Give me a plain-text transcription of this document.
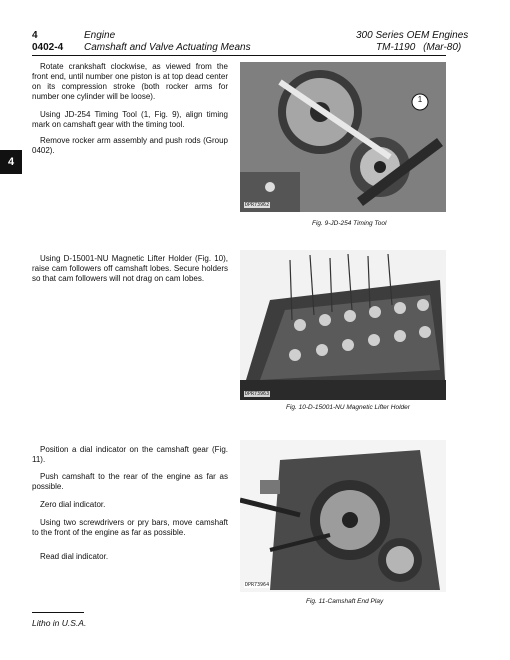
4	Engine	300 Series OEM Engines
0402-4 Camshaft and Valve Actuating Means	TM-1190 (Mar-80)
4

Rotate crankshaft clockwise, as viewed from the front end, until number one piston is at top dead center on its compression stroke (both rocker arms for number one cylinder will be loose).

Using JD-254 Timing Tool (1, Fig. 9), align timing mark on camshaft gear with the timing tool.

Remove rocker arm assembly and push rods (Group 0402).

1
DPR73962
Fig. 9-JD-254 Timing Tool

Using D-15001-NU Magnetic Lifter Holder (Fig. 10), raise cam followers off camshaft lobes. Secure holders so that cam followers will not drag on cam lobes.

DPR73963
Fig. 10-D-15001-NU Magnetic Lifter Holder

Position a dial indicator on the camshaft gear (Fig. 11).

Push camshaft to the rear of the engine as far as possible.

Zero dial indicator.

Using two screwdrivers or pry bars, move camshaft to the front of the engine as far as possible.

Read dial indicator.

DPR73964
Fig. 11-Camshaft End Play
Litho in U.S.A.
